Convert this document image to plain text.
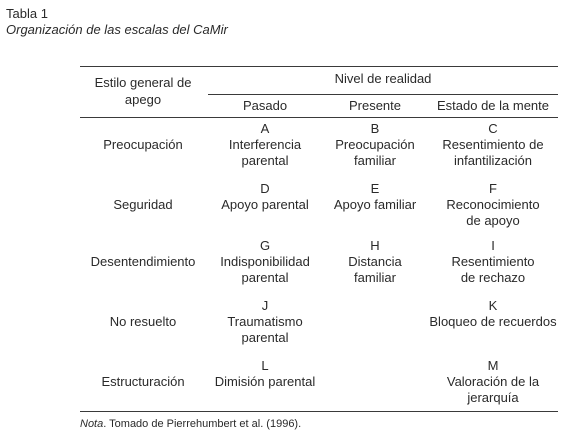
Tabla 1
Organización de las escalas del CaMir
Estilo general de
apego
Nivel de realidad
Pasado	Presente	Estado de la mente
Preocupación
A
Interferencia
parental
B
Preocupación
familiar
C
Resentimiento de
infantilización
Seguridad
D
Apoyo parental
E
Apoyo familiar
F
Reconocimiento
de apoyo
Desentendimiento
G
Indisponibilidad
parental
H
Distancia
familiar
I
Resentimiento
de rechazo
No resuelto
J
Traumatismo
parental
K
Bloqueo de recuerdos
Estructuración
L
Dimisión parental
M
Valoración de la
jerarquía
Nota. Tomado de Pierrehumbert et al. (1996).
